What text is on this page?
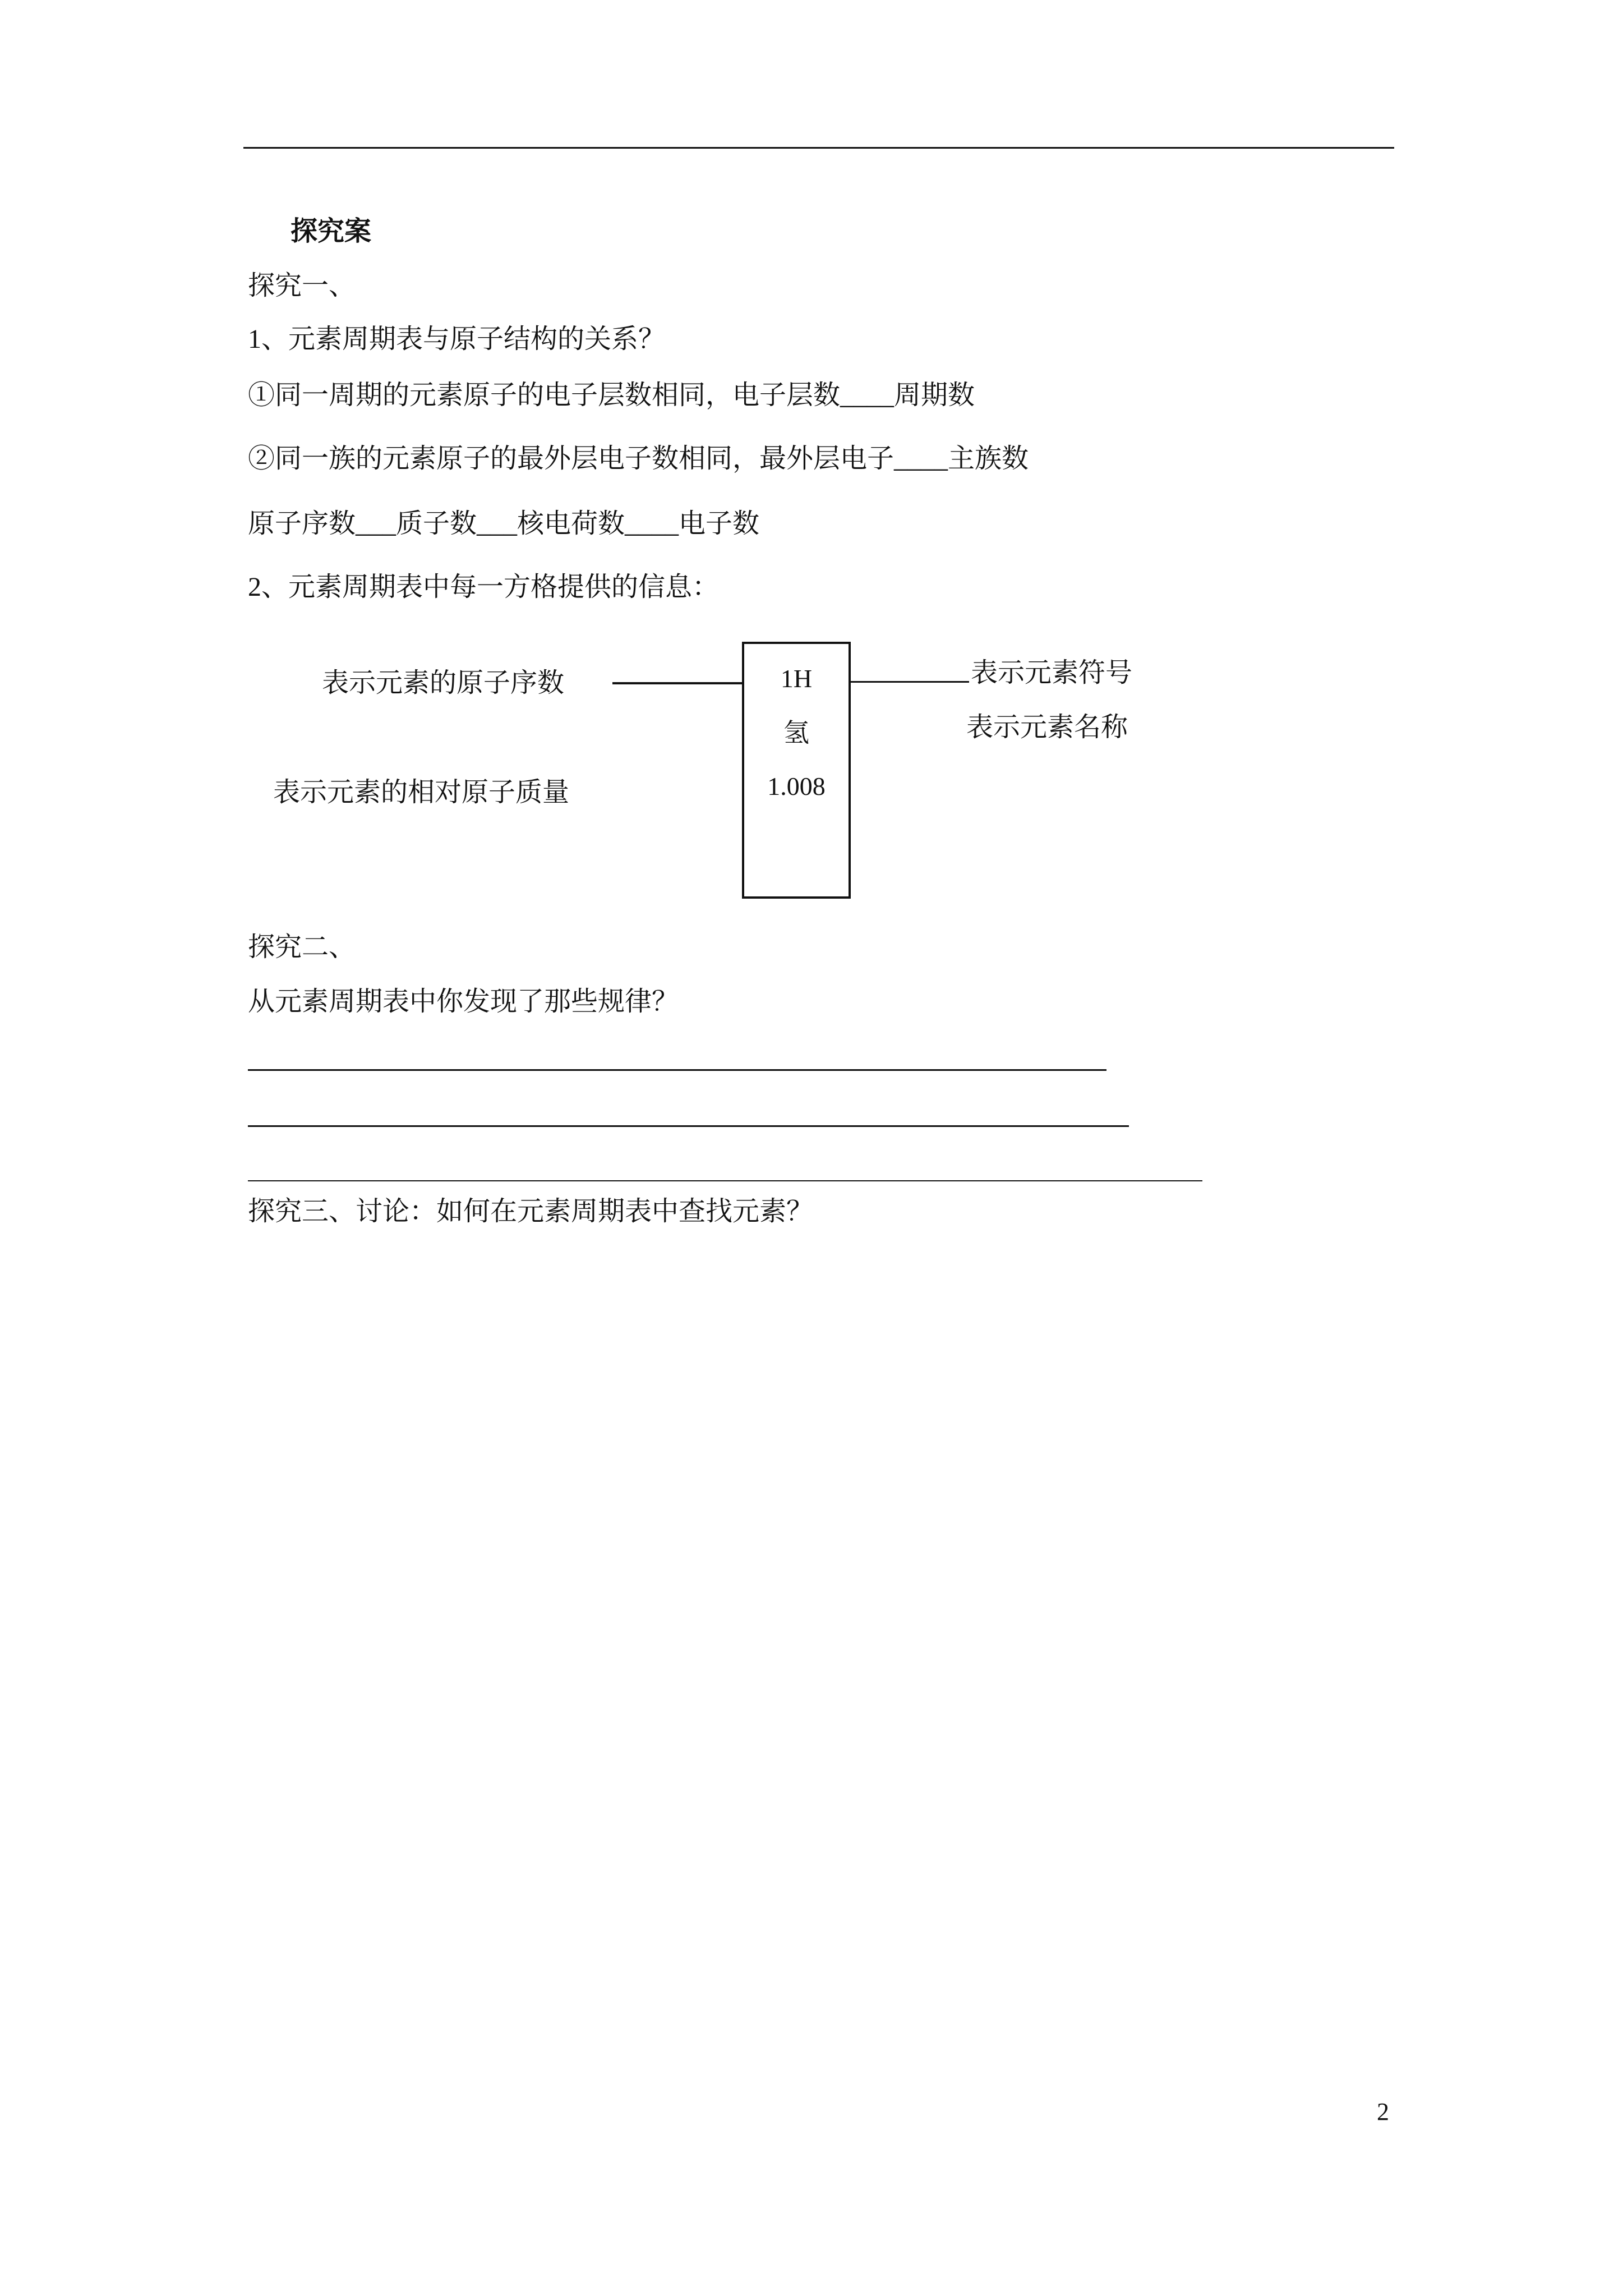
探究案
探究一、
1、元素周期表与原子结构的关系？
①同一周期的元素原子的电子层数相同，电子层数____周期数
②同一族的元素原子的最外层电子数相同，最外层电子____主族数
原子序数___质子数___核电荷数____电子数
2、元素周期表中每一方格提供的信息：
表示元素的原子序数	1H
氢
1.008
表示元素符号
表示元素名称
表示元素的相对原子质量
探究二、
从元素周期表中你发现了那些规律？
探究三、讨论：如何在元素周期表中查找元素？
2
